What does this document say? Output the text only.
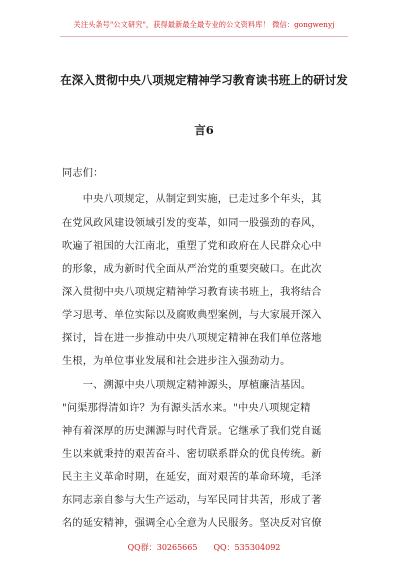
关注头条号"公文研究"，获得最新最全最专业的公文资料库！ 微信：gongwenyj
在深入贯彻中央八项规定精神学习教育读书班上的研讨发
言6
同志们：
　　中央八项规定，从制定到实施，已走过多个年头，其
在党风政风建设领域引发的变革，如同一股强劲的春风，
吹遍了祖国的大江南北，重塑了党和政府在人民群众心中
的形象，成为新时代全面从严治党的重要突破口。在此次
深入贯彻中央八项规定精神学习教育读书班上，我将结合
学习思考、单位实际以及腐败典型案例，与大家展开深入
探讨，旨在进一步推动中央八项规定精神在我们单位落地
生根，为单位事业发展和社会进步注入强劲动力。
　　一、溯源中央八项规定精神源头，厚植廉洁基因。
"问渠那得清如许？为有源头活水来。"中央八项规定精
神有着深厚的历史渊源与时代背景。它继承了我们党自诞
生以来就秉持的艰苦奋斗、密切联系群众的优良传统。新
民主主义革命时期，在延安，面对艰苦的革命环境，毛泽
东同志亲自参与大生产运动，与军民同甘共苦，形成了著
名的延安精神，强调全心全意为人民服务。坚决反对官僚
QQ群：30265665　　QQ：535304092
